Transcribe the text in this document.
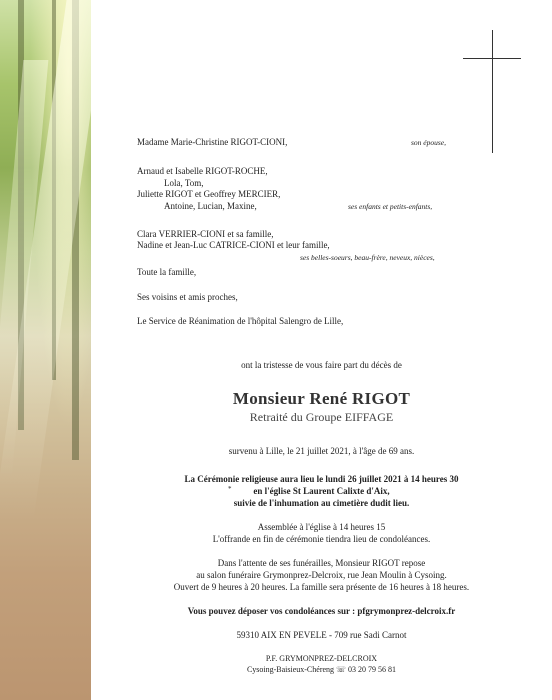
Madame Marie-Christine RIGOT-CIONI,	son épouse,
Arnaud et Isabelle RIGOT-ROCHE,
Lola, Tom,
Juliette RIGOT et Geoffrey MERCIER,
Antoine, Lucian, Maxine,	ses enfants et petits-enfants,
Clara VERRIER-CIONI et sa famille,
Nadine et Jean-Luc CATRICE-CIONI et leur famille,
ses belles-soeurs, beau-frère, neveux, nièces,
Toute la famille,
Ses voisins et amis proches,
Le Service de Réanimation de l'hôpital Salengro de Lille,
ont la tristesse de vous faire part du décès de
Monsieur René RIGOT
Retraité du Groupe EIFFAGE
survenu à Lille, le 21 juillet 2021, à l'âge de 69 ans.
La Cérémonie religieuse aura lieu le lundi 26 juillet 2021 à 14 heures 30
*	en l'église St Laurent Calixte d'Aix,
suivie de l'inhumation au cimetière dudit lieu.
Assemblée à l'église à 14 heures 15
L'offrande en fin de cérémonie tiendra lieu de condoléances.
Dans l'attente de ses funérailles, Monsieur RIGOT repose
au salon funéraire Grymonprez-Delcroix, rue Jean Moulin à Cysoing.
Ouvert de 9 heures à 20 heures. La famille sera présente de 16 heures à 18 heures.
Vous pouvez déposer vos condoléances sur : pfgrymonprez-delcroix.fr
59310 AIX EN PEVELE - 709 rue Sadi Carnot
P.F. GRYMONPREZ-DELCROIX
Cysoing-Baisieux-Chéreng ☏ 03 20 79 56 81
